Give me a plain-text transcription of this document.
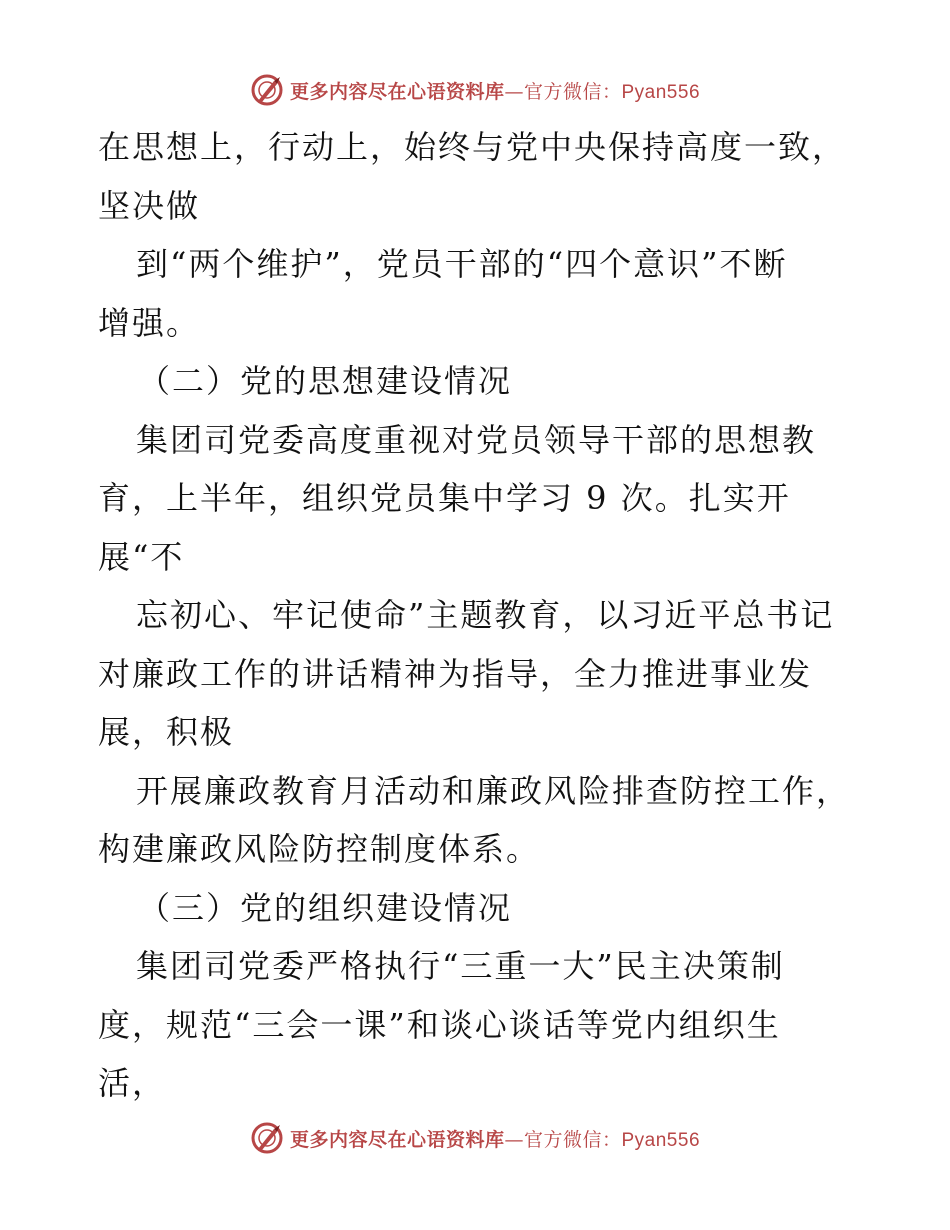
更多内容尽在心语资料库—官方微信：Pyan556
在思想上，行动上，始终与党中央保持高度一致，
坚决做
到“两个维护”，党员干部的“四个意识”不断
增强。
（二）党的思想建设情况
集团司党委高度重视对党员领导干部的思想教
育，上半年，组织党员集中学习 9 次。扎实开
展“不
忘初心、牢记使命”主题教育，以习近平总书记
对廉政工作的讲话精神为指导，全力推进事业发
展，积极
开展廉政教育月活动和廉政风险排查防控工作，
构建廉政风险防控制度体系。
（三）党的组织建设情况
集团司党委严格执行“三重一大”民主决策制
度，规范“三会一课”和谈心谈话等党内组织生
活，
更多内容尽在心语资料库—官方微信：Pyan556
